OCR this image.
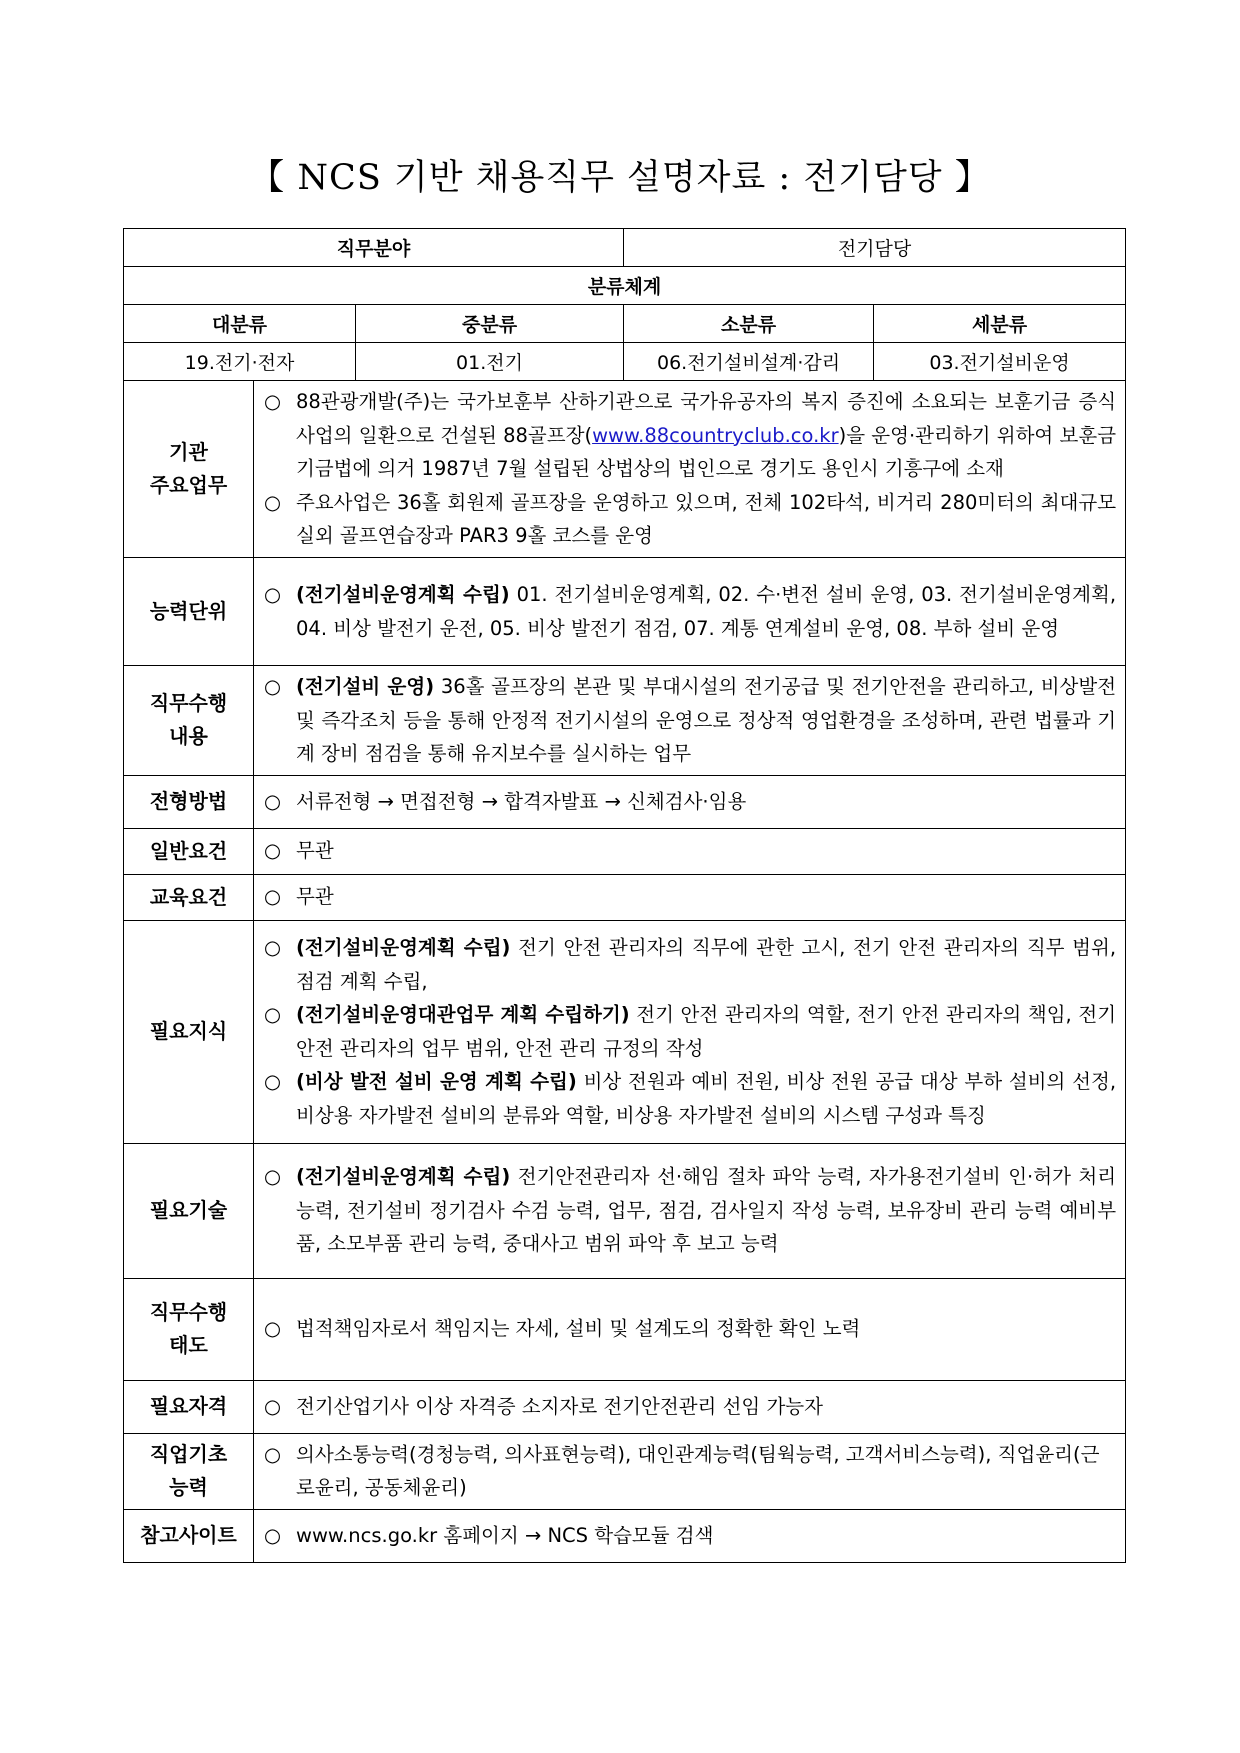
【 NCS 기반 채용직무 설명자료 : 전기담당 】
직무분야			전기담당	
분류체계				
대분류		중분류	소분류	세분류
19.전기·전자		01.전기	06.전기설비설계·감리	03.전기설비운영
기관
주요업무	○ 88관광개발(주)는 국가보훈부 산하기관으로 국가유공자의 복지 증진에 소요되는 보훈기금 증식사업의 일환으로 건설된 88골프장(www.88countryclub.co.kr)을 운영·관리하기 위하여 보훈금기금법에 의거 1987년 7월 설립된 상법상의 법인으로 경기도 용인시 기흥구에 소재
○ 주요사업은 36홀 회원제 골프장을 운영하고 있으며, 전체 102타석, 비거리 280미터의 최대규모 실외 골프연습장과 PAR3 9홀 코스를 운영			

능력단위	○ (전기설비운영계획 수립) 01. 전기설비운영계획, 02. 수·변전 설비 운영, 03. 전기설비운영계획, 04. 비상 발전기 운전, 05. 비상 발전기 점검, 07. 계통 연계설비 운영, 08. 부하 설비 운영			

직무수행
내용	○ (전기설비 운영) 36홀 골프장의 본관 및 부대시설의 전기공급 및 전기안전을 관리하고, 비상발전 및 즉각조치 등을 통해 안정적 전기시설의 운영으로 정상적 영업환경을 조성하며, 관련 법률과 기계 장비 점검을 통해 유지보수를 실시하는 업무			

전형방법	○ 서류전형 → 면접전형 → 합격자발표 → 신체검사·임용			

일반요건	○ 무관			

교육요건	○ 무관			

필요지식	○ (전기설비운영계획 수립) 전기 안전 관리자의 직무에 관한 고시, 전기 안전 관리자의 직무 범위, 점검 계획 수립,
○ (전기설비운영대관업무 계획 수립하기) 전기 안전 관리자의 역할, 전기 안전 관리자의 책임, 전기 안전 관리자의 업무 범위, 안전 관리 규정의 작성
○ (비상 발전 설비 운영 계획 수립) 비상 전원과 예비 전원, 비상 전원 공급 대상 부하 설비의 선정, 비상용 자가발전 설비의 분류와 역할, 비상용 자가발전 설비의 시스템 구성과 특징			

필요기술	○ (전기설비운영계획 수립) 전기안전관리자 선·해임 절차 파악 능력, 자가용전기설비 인·허가 처리 능력, 전기설비 정기검사 수검 능력, 업무, 점검, 검사일지 작성 능력, 보유장비 관리 능력 예비부품, 소모부품 관리 능력, 중대사고 범위 파악 후 보고 능력			

직무수행
태도	○ 법적책임자로서 책임지는 자세, 설비 및 설계도의 정확한 확인 노력			

필요자격	○ 전기산업기사 이상 자격증 소지자로 전기안전관리 선임 가능자			

직업기초
능력	○ 의사소통능력(경청능력, 의사표현능력), 대인관계능력(팀웍능력, 고객서비스능력), 직업윤리(근로윤리, 공동체윤리)			

참고사이트	○ www.ncs.go.kr 홈페이지 → NCS 학습모듈 검색			
